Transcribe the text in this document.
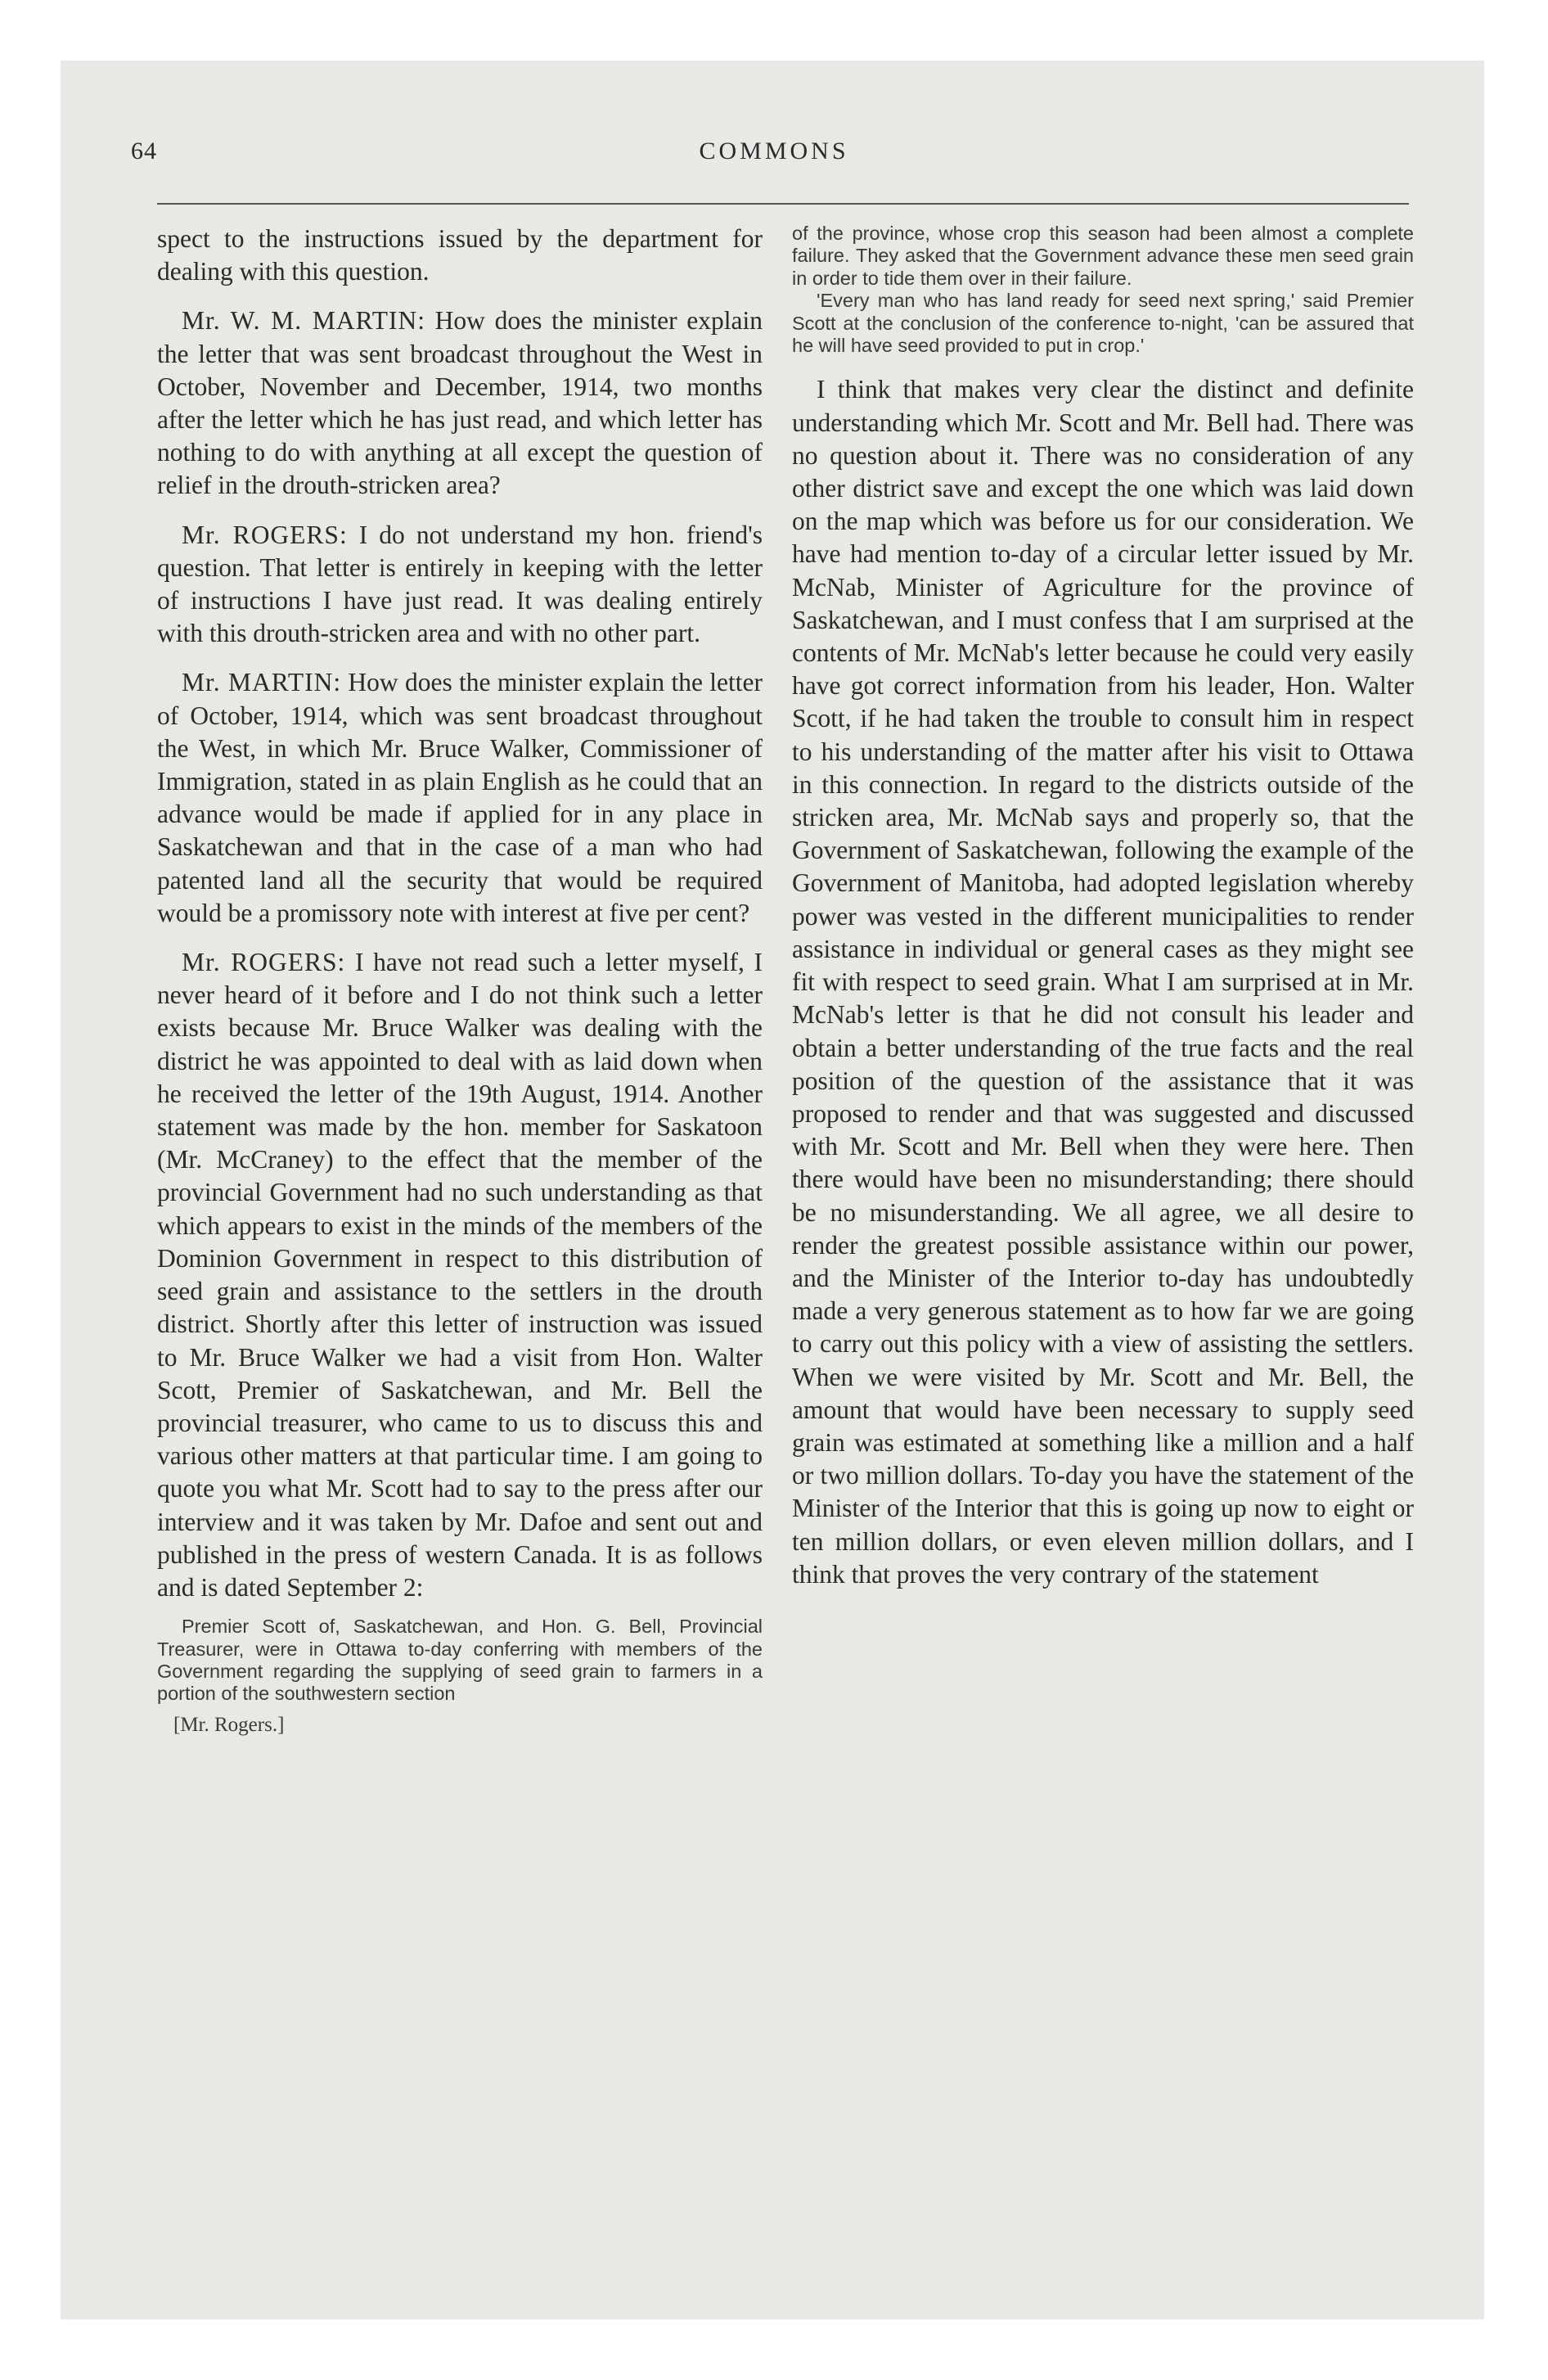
64	COMMONS

spect to the instructions issued by the department for dealing with this question.

Mr. W. M. MARTIN: How does the minister explain the letter that was sent broadcast throughout the West in October, November and December, 1914, two months after the letter which he has just read, and which letter has nothing to do with anything at all except the question of relief in the drouth-stricken area?

Mr. ROGERS: I do not understand my hon. friend's question. That letter is entirely in keeping with the letter of instructions I have just read. It was dealing entirely with this drouth-stricken area and with no other part.

Mr. MARTIN: How does the minister explain the letter of October, 1914, which was sent broadcast throughout the West, in which Mr. Bruce Walker, Commissioner of Immigration, stated in as plain English as he could that an advance would be made if applied for in any place in Saskatchewan and that in the case of a man who had patented land all the security that would be required would be a promissory note with interest at five per cent?

Mr. ROGERS: I have not read such a letter myself, I never heard of it before and I do not think such a letter exists because Mr. Bruce Walker was dealing with the district he was appointed to deal with as laid down when he received the letter of the 19th August, 1914. Another statement was made by the hon. member for Saskatoon (Mr. McCraney) to the effect that the member of the provincial Government had no such understanding as that which appears to exist in the minds of the members of the Dominion Government in respect to this distribution of seed grain and assistance to the settlers in the drouth district. Shortly after this letter of instruction was issued to Mr. Bruce Walker we had a visit from Hon. Walter Scott, Premier of Saskatchewan, and Mr. Bell the provincial treasurer, who came to us to discuss this and various other matters at that particular time. I am going to quote you what Mr. Scott had to say to the press after our interview and it was taken by Mr. Dafoe and sent out and published in the press of western Canada. It is as follows and is dated September 2:

Premier Scott of, Saskatchewan, and Hon. G. Bell, Provincial Treasurer, were in Ottawa to-day conferring with members of the Government regarding the supplying of seed grain to farmers in a portion of the southwestern section
[Mr. Rogers.]
of the province, whose crop this season had been almost a complete failure. They asked that the Government advance these men seed grain in order to tide them over in their failure.
'Every man who has land ready for seed next spring,' said Premier Scott at the conclusion of the conference to-night, 'can be assured that he will have seed provided to put in crop.'

I think that makes very clear the distinct and definite understanding which Mr. Scott and Mr. Bell had. There was no question about it. There was no consideration of any other district save and except the one which was laid down on the map which was before us for our consideration. We have had mention to-day of a circular letter issued by Mr. McNab, Minister of Agriculture for the province of Saskatchewan, and I must confess that I am surprised at the contents of Mr. McNab's letter because he could very easily have got correct information from his leader, Hon. Walter Scott, if he had taken the trouble to consult him in respect to his understanding of the matter after his visit to Ottawa in this connection. In regard to the districts outside of the stricken area, Mr. McNab says and properly so, that the Government of Saskatchewan, following the example of the Government of Manitoba, had adopted legislation whereby power was vested in the different municipalities to render assistance in individual or general cases as they might see fit with respect to seed grain. What I am surprised at in Mr. McNab's letter is that he did not consult his leader and obtain a better understanding of the true facts and the real position of the question of the assistance that it was proposed to render and that was suggested and discussed with Mr. Scott and Mr. Bell when they were here. Then there would have been no misunderstanding; there should be no misunderstanding. We all agree, we all desire to render the greatest possible assistance within our power, and the Minister of the Interior to-day has undoubtedly made a very generous statement as to how far we are going to carry out this policy with a view of assisting the settlers. When we were visited by Mr. Scott and Mr. Bell, the amount that would have been necessary to supply seed grain was estimated at something like a million and a half or two million dollars. To-day you have the statement of the Minister of the Interior that this is going up now to eight or ten million dollars, or even eleven million dollars, and I think that proves the very contrary of the statement
